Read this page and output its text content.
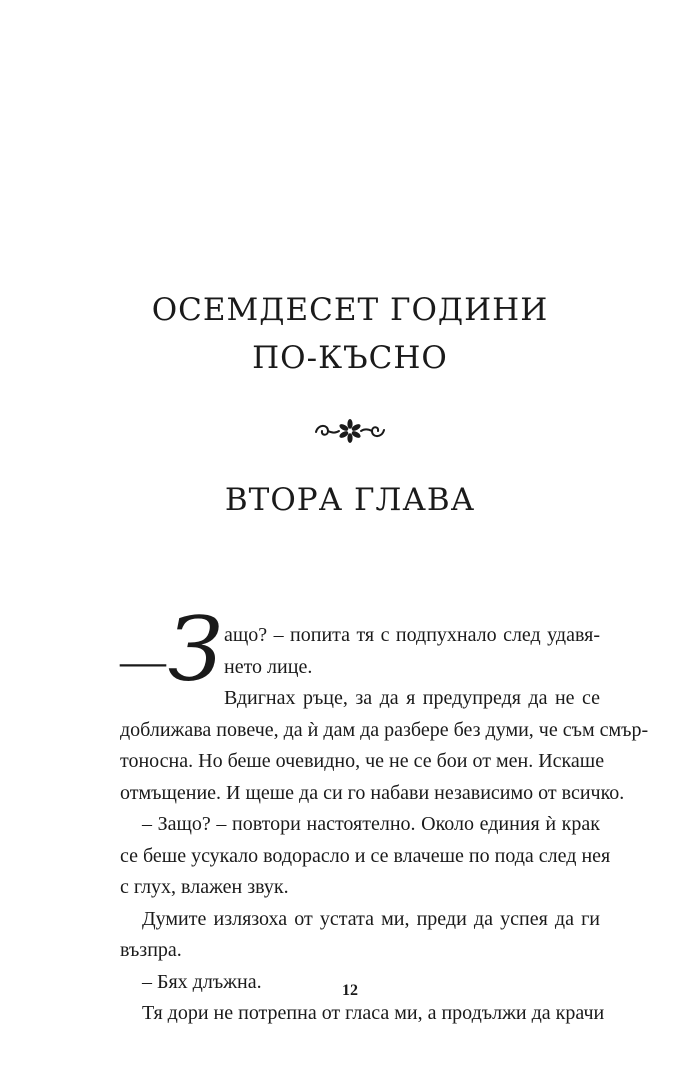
ОСЕМДЕСЕТ ГОДИНИ
ПО-КЪСНО
ВТОРА ГЛАВА
— З ащо? – попита тя с подпухнало след удавя-
нето лице.
Вдигнах ръце, за да я предупредя да не се
доближава повече, да ѝ дам да разбере без думи, че съм смър-
тоносна. Но беше очевидно, че не се бои от мен. Искаше
отмъщение. И щеше да си го набави независимо от всичко.
– Защо? – повтори настоятелно. Около единия ѝ крак
се беше усукало водорасло и се влачеше по пода след нея
с глух, влажен звук.
Думите излязоха от устата ми, преди да успея да ги
възпра.
– Бях длъжна.
Тя дори не потрепна от гласа ми, а продължи да крачи
12
